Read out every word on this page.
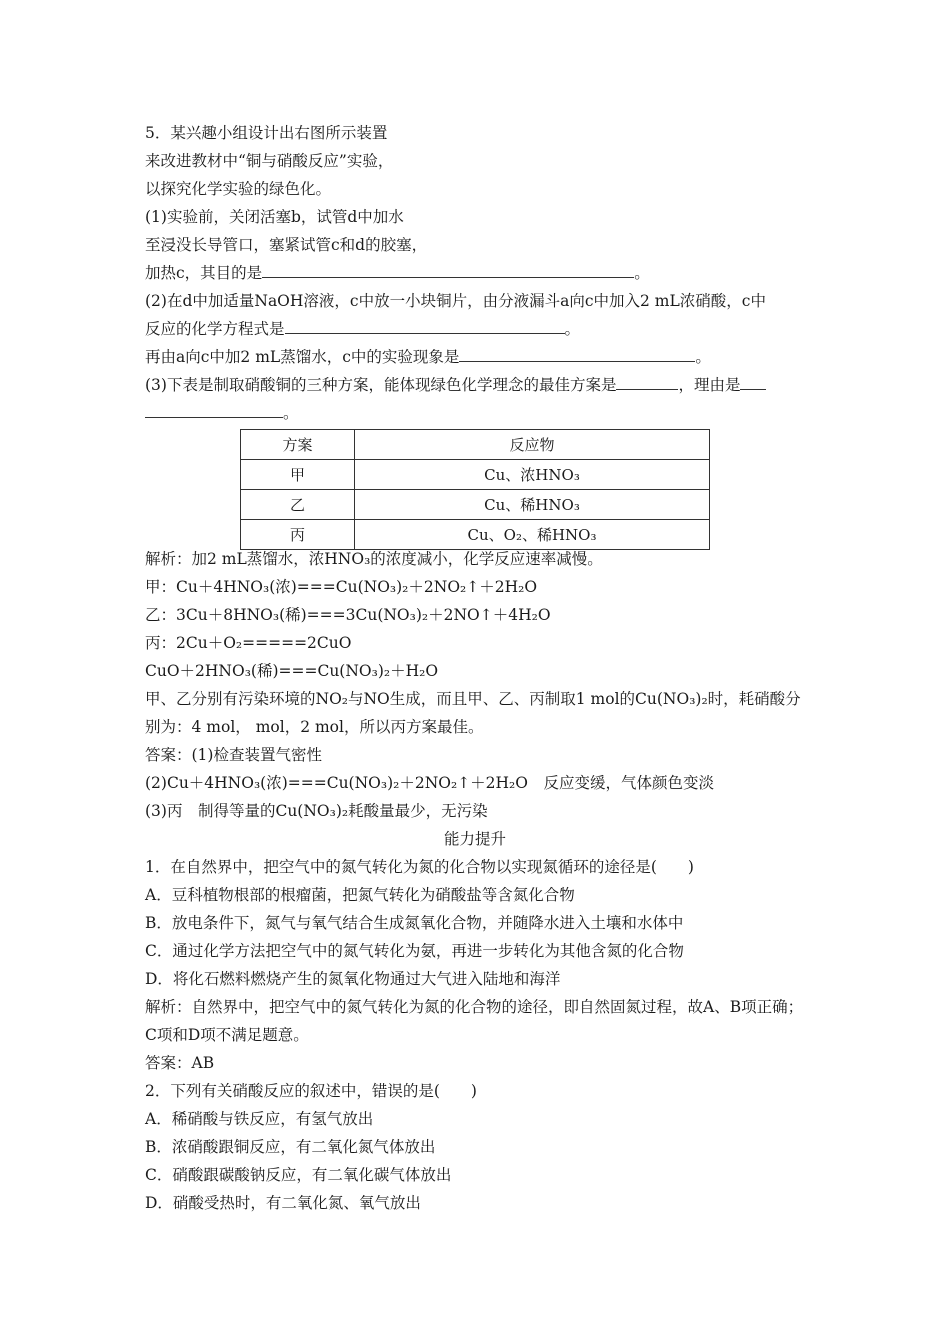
5．某兴趣小组设计出右图所示装置
来改进教材中“铜与硝酸反应”实验，
以探究化学实验的绿色化。
(1)实验前，关闭活塞b，试管d中加水
至浸没长导管口，塞紧试管c和d的胶塞，
加热c，其目的是	。
(2)在d中加适量NaOH溶液，c中放一小块铜片，由分液漏斗a向c中加入2 mL浓硝酸，c中
反应的化学方程式是	。
再由a向c中加2 mL蒸馏水，c中的实验现象是	。
(3)下表是制取硝酸铜的三种方案，能体现绿色化学理念的最佳方案是	，理由是
。
方案	反应物
甲	Cu、浓HNO₃
乙	Cu、稀HNO₃
丙	Cu、O₂、稀HNO₃
解析：加2 mL蒸馏水，浓HNO₃的浓度减小，化学反应速率减慢。
甲：Cu＋4HNO₃(浓)===Cu(NO₃)₂＋2NO₂↑＋2H₂O
乙：3Cu＋8HNO₃(稀)===3Cu(NO₃)₂＋2NO↑＋4H₂O
丙：2Cu＋O₂=====2CuO
CuO＋2HNO₃(稀)===Cu(NO₃)₂＋H₂O
甲、乙分别有污染环境的NO₂与NO生成，而且甲、乙、丙制取1 mol的Cu(NO₃)₂时，耗硝酸分
别为：4 mol， mol，2 mol，所以丙方案最佳。
答案：(1)检查装置气密性
(2)Cu＋4HNO₃(浓)===Cu(NO₃)₂＋2NO₂↑＋2H₂O　反应变缓，气体颜色变淡
(3)丙　制得等量的Cu(NO₃)₂耗酸量最少，无污染
能力提升
1．在自然界中，把空气中的氮气转化为氮的化合物以实现氮循环的途径是(　　)
A．豆科植物根部的根瘤菌，把氮气转化为硝酸盐等含氮化合物
B．放电条件下，氮气与氧气结合生成氮氧化合物，并随降水进入土壤和水体中
C．通过化学方法把空气中的氮气转化为氨，再进一步转化为其他含氮的化合物
D．将化石燃料燃烧产生的氮氧化物通过大气进入陆地和海洋
解析：自然界中，把空气中的氮气转化为氮的化合物的途径，即自然固氮过程，故A、B项正确；
C项和D项不满足题意。
答案：AB
2．下列有关硝酸反应的叙述中，错误的是(　　)
A．稀硝酸与铁反应，有氢气放出
B．浓硝酸跟铜反应，有二氧化氮气体放出
C．硝酸跟碳酸钠反应，有二氧化碳气体放出
D．硝酸受热时，有二氧化氮、氧气放出
